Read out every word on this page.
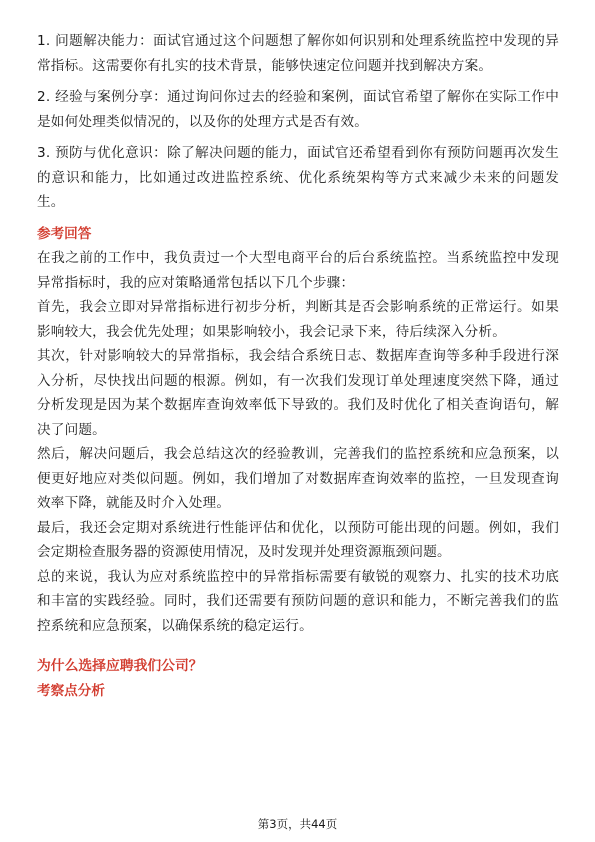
1. 问题解决能力：面试官通过这个问题想了解你如何识别和处理系统监控中发现的异常指标。这需要你有扎实的技术背景，能够快速定位问题并找到解决方案。

2. 经验与案例分享：通过询问你过去的经验和案例，面试官希望了解你在实际工作中是如何处理类似情况的，以及你的处理方式是否有效。

3. 预防与优化意识：除了解决问题的能力，面试官还希望看到你有预防问题再次发生的意识和能力，比如通过改进监控系统、优化系统架构等方式来减少未来的问题发生。

参考回答

在我之前的工作中，我负责过一个大型电商平台的后台系统监控。当系统监控中发现异常指标时，我的应对策略通常包括以下几个步骤：

首先，我会立即对异常指标进行初步分析，判断其是否会影响系统的正常运行。如果影响较大，我会优先处理；如果影响较小，我会记录下来，待后续深入分析。

其次，针对影响较大的异常指标，我会结合系统日志、数据库查询等多种手段进行深入分析，尽快找出问题的根源。例如，有一次我们发现订单处理速度突然下降，通过分析发现是因为某个数据库查询效率低下导致的。我们及时优化了相关查询语句，解决了问题。

然后，解决问题后，我会总结这次的经验教训，完善我们的监控系统和应急预案，以便更好地应对类似问题。例如，我们增加了对数据库查询效率的监控，一旦发现查询效率下降，就能及时介入处理。

最后，我还会定期对系统进行性能评估和优化，以预防可能出现的问题。例如，我们会定期检查服务器的资源使用情况，及时发现并处理资源瓶颈问题。

总的来说，我认为应对系统监控中的异常指标需要有敏锐的观察力、扎实的技术功底和丰富的实践经验。同时，我们还需要有预防问题的意识和能力，不断完善我们的监控系统和应急预案，以确保系统的稳定运行。

为什么选择应聘我们公司？

考察点分析

第3页，共44页
